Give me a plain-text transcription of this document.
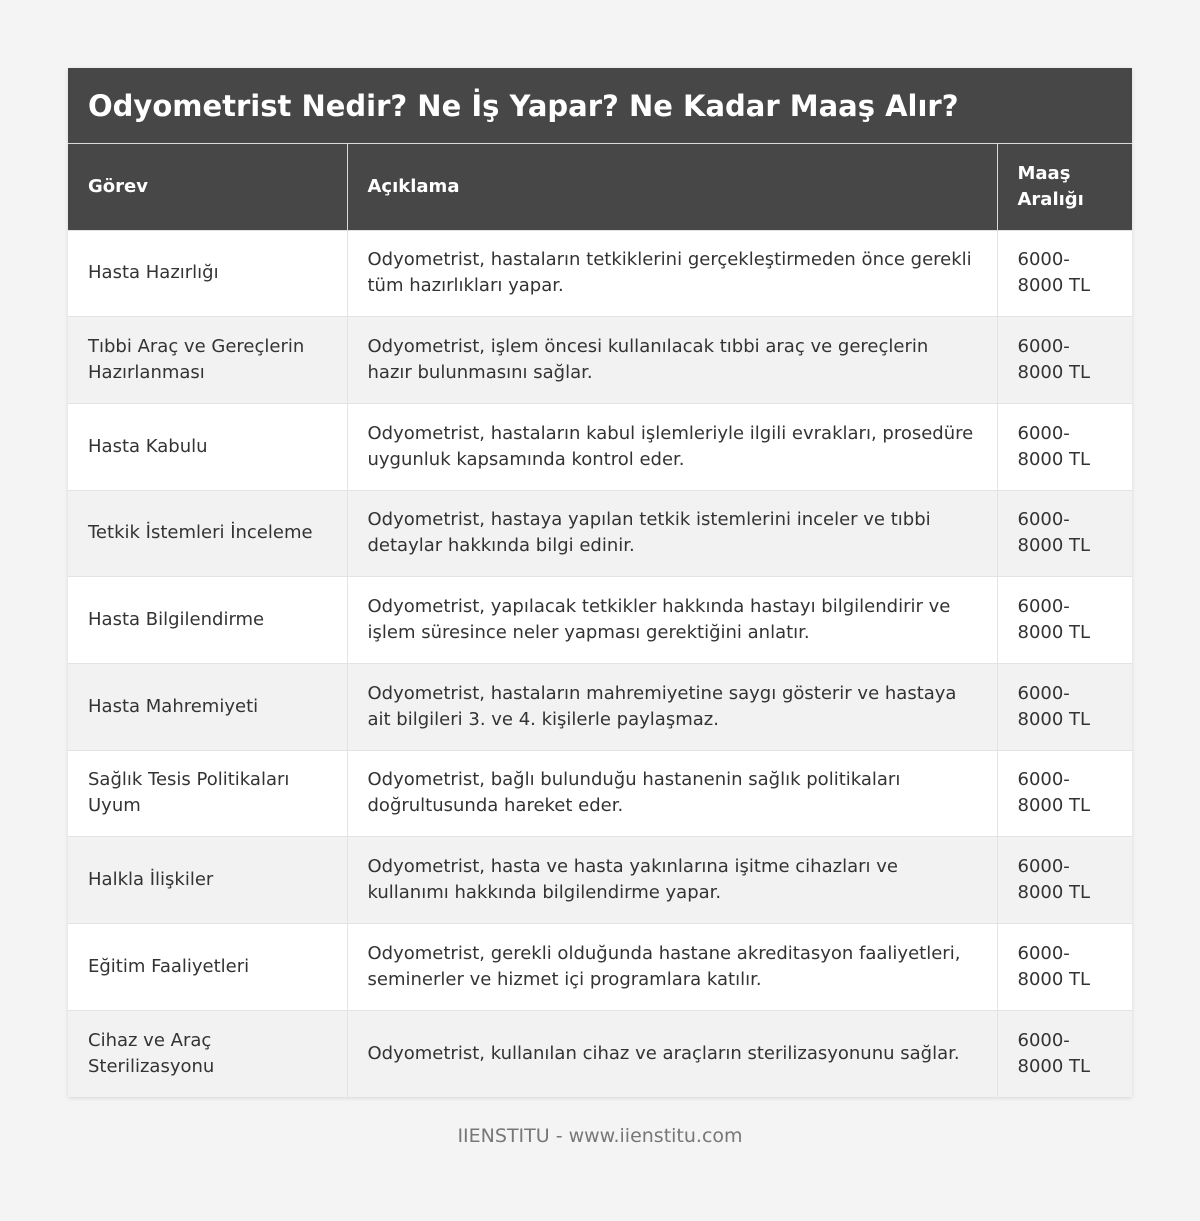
Odyometrist Nedir? Ne İş Yapar? Ne Kadar Maaş Alır?
Görev	Açıklama	Maaş Aralığı
Hasta Hazırlığı	Odyometrist, hastaların tetkiklerini gerçekleştirmeden önce gerekli tüm hazırlıkları yapar.	6000-8000 TL
Tıbbi Araç ve Gereçlerin Hazırlanması	Odyometrist, işlem öncesi kullanılacak tıbbi araç ve gereçlerin hazır bulunmasını sağlar.	6000-8000 TL
Hasta Kabulu	Odyometrist, hastaların kabul işlemleriyle ilgili evrakları, prosedüre uygunluk kapsamında kontrol eder.	6000-8000 TL
Tetkik İstemleri İnceleme	Odyometrist, hastaya yapılan tetkik istemlerini inceler ve tıbbi detaylar hakkında bilgi edinir.	6000-8000 TL
Hasta Bilgilendirme	Odyometrist, yapılacak tetkikler hakkında hastayı bilgilendirir ve işlem süresince neler yapması gerektiğini anlatır.	6000-8000 TL
Hasta Mahremiyeti	Odyometrist, hastaların mahremiyetine saygı gösterir ve hastaya ait bilgileri 3. ve 4. kişilerle paylaşmaz.	6000-8000 TL
Sağlık Tesis Politikaları Uyum	Odyometrist, bağlı bulunduğu hastanenin sağlık politikaları doğrultusunda hareket eder.	6000-8000 TL
Halkla İlişkiler	Odyometrist, hasta ve hasta yakınlarına işitme cihazları ve kullanımı hakkında bilgilendirme yapar.	6000-8000 TL
Eğitim Faaliyetleri	Odyometrist, gerekli olduğunda hastane akreditasyon faaliyetleri, seminerler ve hizmet içi programlara katılır.	6000-8000 TL
Cihaz ve Araç Sterilizasyonu	Odyometrist, kullanılan cihaz ve araçların sterilizasyonunu sağlar.	6000-8000 TL
IIENSTITU - www.iienstitu.com
